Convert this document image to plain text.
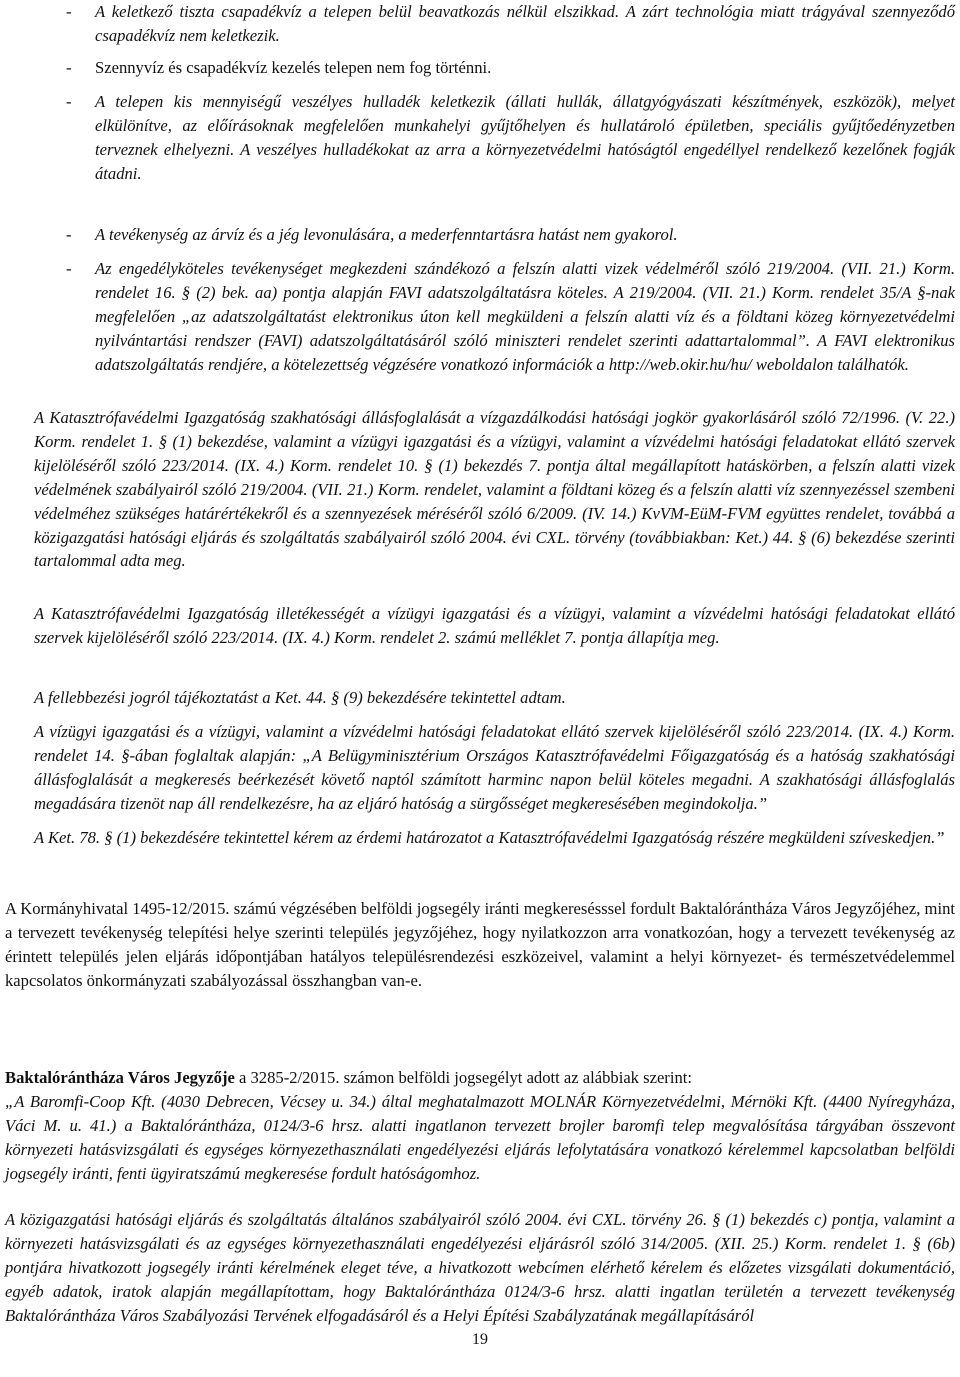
- A keletkező tiszta csapadékvíz a telepen belül beavatkozás nélkül elszikkad. A zárt technológia miatt trágyával szennyeződő csapadékvíz nem keletkezik.
- Szennyvíz és csapadékvíz kezelés telepen nem fog történni.
- A telepen kis mennyiségű veszélyes hulladék keletkezik (állati hullák, állatgyógyászati készítmények, eszközök), melyet elkülönítve, az előírásoknak megfelelően munkahelyi gyűjtőhelyen és hullatároló épületben, speciális gyűjtőedényzetben terveznek elhelyezni. A veszélyes hulladékokat az arra a környezetvédelmi hatóságtól engedéllyel rendelkező kezelőnek fogják átadni.
- A tevékenység az árvíz és a jég levonulására, a mederfenntartásra hatást nem gyakorol.
- Az engedélyköteles tevékenységet megkezdeni szándékozó a felszín alatti vizek védelméről szóló 219/2004. (VII. 21.) Korm. rendelet 16. § (2) bek. aa) pontja alapján FAVI adatszolgáltatásra köteles. A 219/2004. (VII. 21.) Korm. rendelet 35/A §-nak megfelelően „az adatszolgáltatást elektronikus úton kell megküldeni a felszín alatti víz és a földtani közeg környezetvédelmi nyilvántartási rendszer (FAVI) adatszolgáltatásáról szóló miniszteri rendelet szerinti adattartalommal”. A FAVI elektronikus adatszolgáltatás rendjére, a kötelezettség végzésére vonatkozó információk a http://web.okir.hu/hu/ weboldalon találhatók.
A Katasztrófavédelmi Igazgatóság szakhatósági állásfoglalását a vízgazdálkodási hatósági jogkör gyakorlásáról szóló 72/1996. (V. 22.) Korm. rendelet 1. § (1) bekezdése, valamint a vízügyi igazgatási és a vízügyi, valamint a vízvédelmi hatósági feladatokat ellátó szervek kijelöléséről szóló 223/2014. (IX. 4.) Korm. rendelet 10. § (1) bekezdés 7. pontja által megállapított hatáskörben, a felszín alatti vizek védelmének szabályairól szóló 219/2004. (VII. 21.) Korm. rendelet, valamint a földtani közeg és a felszín alatti víz szennyezéssel szembeni védelméhez szükséges határértékekről és a szennyezések méréséről szóló 6/2009. (IV. 14.) KvVM-EüM-FVM együttes rendelet, továbbá a közigazgatási hatósági eljárás és szolgáltatás szabályairól szóló 2004. évi CXL. törvény (továbbiakban: Ket.) 44. § (6) bekezdése szerinti tartalommal adta meg.
A Katasztrófavédelmi Igazgatóság illetékességét a vízügyi igazgatási és a vízügyi, valamint a vízvédelmi hatósági feladatokat ellátó szervek kijelöléséről szóló 223/2014. (IX. 4.) Korm. rendelet 2. számú melléklet 7. pontja állapítja meg.
A fellebbezési jogról tájékoztatást a Ket. 44. § (9) bekezdésére tekintettel adtam.
A vízügyi igazgatási és a vízügyi, valamint a vízvédelmi hatósági feladatokat ellátó szervek kijelöléséről szóló 223/2014. (IX. 4.) Korm. rendelet 14. §-ában foglaltak alapján: „A Belügyminisztérium Országos Katasztrófavédelmi Főigazgatóság és a hatóság szakhatósági állásfoglalását a megkeresés beérkezését követő naptól számított harminc napon belül köteles megadni. A szakhatósági állásfoglalás megadására tizenöt nap áll rendelkezésre, ha az eljáró hatóság a sürgősséget megkeresésében megindokolja.”
A Ket. 78. § (1) bekezdésére tekintettel kérem az érdemi határozatot a Katasztrófavédelmi Igazgatóság részére megküldeni szíveskedjen.”
A Kormányhivatal 1495-12/2015. számú végzésében belföldi jogsegély iránti megkeresésssel fordult Baktalórántháza Város Jegyzőjéhez, mint a tervezett tevékenység telepítési helye szerinti település jegyzőjéhez, hogy nyilatkozzon arra vonatkozóan, hogy a tervezett tevékenység az érintett település jelen eljárás időpontjában hatályos településrendezési eszközeivel, valamint a helyi környezet- és természetvédelemmel kapcsolatos önkormányzati szabályozással összhangban van-e.
Baktalórántháza Város Jegyzője a 3285-2/2015. számon belföldi jogsegélyt adott az alábbiak szerint:
„A Baromfi-Coop Kft. (4030 Debrecen, Vécsey u. 34.) által meghatalmazott MOLNÁR Környezetvédelmi, Mérnöki Kft. (4400 Nyíregyháza, Váci M. u. 41.) a Baktalórántháza, 0124/3-6 hrsz. alatti ingatlanon tervezett brojler baromfi telep megvalósítása tárgyában összevont környezeti hatásvizsgálati és egységes környezethasználati engedélyezési eljárás lefolytatására vonatkozó kérelemmel kapcsolatban belföldi jogsegély iránti, fenti ügyiratszámú megkeresése fordult hatóságomhoz.
A közigazgatási hatósági eljárás és szolgáltatás általános szabályairól szóló 2004. évi CXL. törvény 26. § (1) bekezdés c) pontja, valamint a környezeti hatásvizsgálati és az egységes környezethasználati engedélyezési eljárásról szóló 314/2005. (XII. 25.) Korm. rendelet 1. § (6b) pontjára hivatkozott jogsegély iránti kérelmének eleget téve, a hivatkozott webcímen elérhető kérelem és előzetes vizsgálati dokumentáció, egyéb adatok, iratok alapján megállapítottam, hogy Baktalórántháza 0124/3-6 hrsz. alatti ingatlan területén a tervezett tevékenység Baktalórántháza Város Szabályozási Tervének elfogadásáról és a Helyi Építési Szabályzatának megállapításáról
19
